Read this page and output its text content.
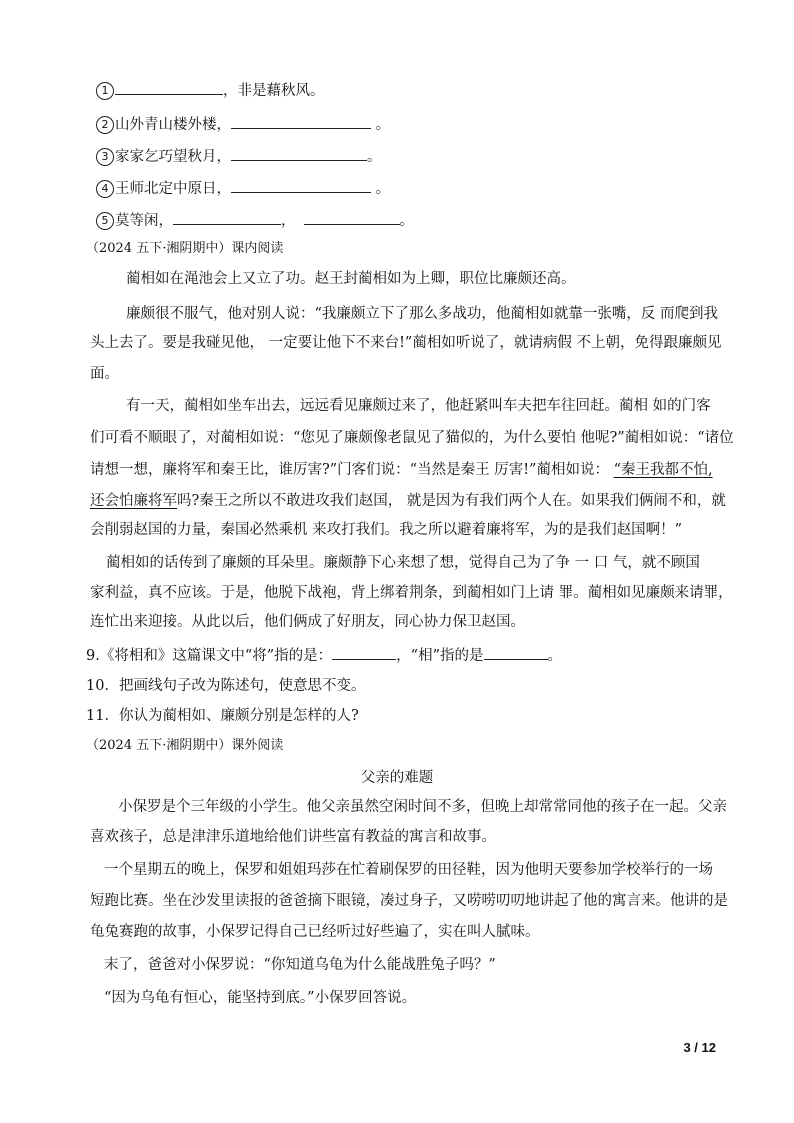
1	，非是藉秋风。
2 山外青山楼外楼，	。
3 家家乞巧望秋月，	。
4 王师北定中原日，	。
5 莫等闲，	，	。
（2024 五下·湘阴期中）课内阅读
蔺相如在渑池会上又立了功。赵王封蔺相如为上卿，职位比廉颇还高。
廉颇很不服气，他对别人说：“我廉颇立下了那么多战功，他蔺相如就靠一张嘴，反 而爬到我
头上去了。要是我碰见他， 一定要让他下不来台!”蔺相如听说了，就请病假 不上朝，免得跟廉颇见
面。
有一天，蔺相如坐车出去，远远看见廉颇过来了，他赶紧叫车夫把车往回赶。蔺相 如的门客
们可看不顺眼了，对蔺相如说：“您见了廉颇像老鼠见了猫似的，为什么要怕 他呢?”蔺相如说：“诸位
请想一想，廉将军和秦王比，谁厉害?”门客们说：“当然是秦王 厉害!”蔺相如说： “秦王我都不怕,
还会怕廉将军吗?秦王之所以不敢进攻我们赵国， 就是因为有我们两个人在。如果我们俩闹不和，就
会削弱赵国的力量，秦国必然乘机 来攻打我们。我之所以避着廉将军，为的是我们赵国啊！”
蔺相如的话传到了廉颇的耳朵里。廉颇静下心来想了想，觉得自己为了争 一 口 气，就不顾国
家利益，真不应该。于是，他脱下战袍，背上绑着荆条，到蔺相如门上请 罪。蔺相如见廉颇来请罪，
连忙出来迎接。从此以后，他们俩成了好朋友，同心协力保卫赵国。
9.《将相和》这篇课文中“将”指的是：	，“相”指的是	。
10．把画线句子改为陈述句，使意思不变。
11．你认为蔺相如、廉颇分别是怎样的人?
（2024 五下·湘阴期中）课外阅读
父亲的难题
小保罗是个三年级的小学生。他父亲虽然空闲时间不多，但晚上却常常同他的孩子在一起。父亲
喜欢孩子，总是津津乐道地给他们讲些富有教益的寓言和故事。
一个星期五的晚上，保罗和姐姐玛莎在忙着刷保罗的田径鞋，因为他明天要参加学校举行的一场
短跑比赛。坐在沙发里读报的爸爸摘下眼镜，凑过身子，又唠唠叨叨地讲起了他的寓言来。他讲的是
龟兔赛跑的故事，小保罗记得自己已经听过好些遍了，实在叫人腻味。
末了，爸爸对小保罗说：“你知道乌龟为什么能战胜兔子吗？”
“因为乌龟有恒心，能坚持到底。”小保罗回答说。
3 / 12
